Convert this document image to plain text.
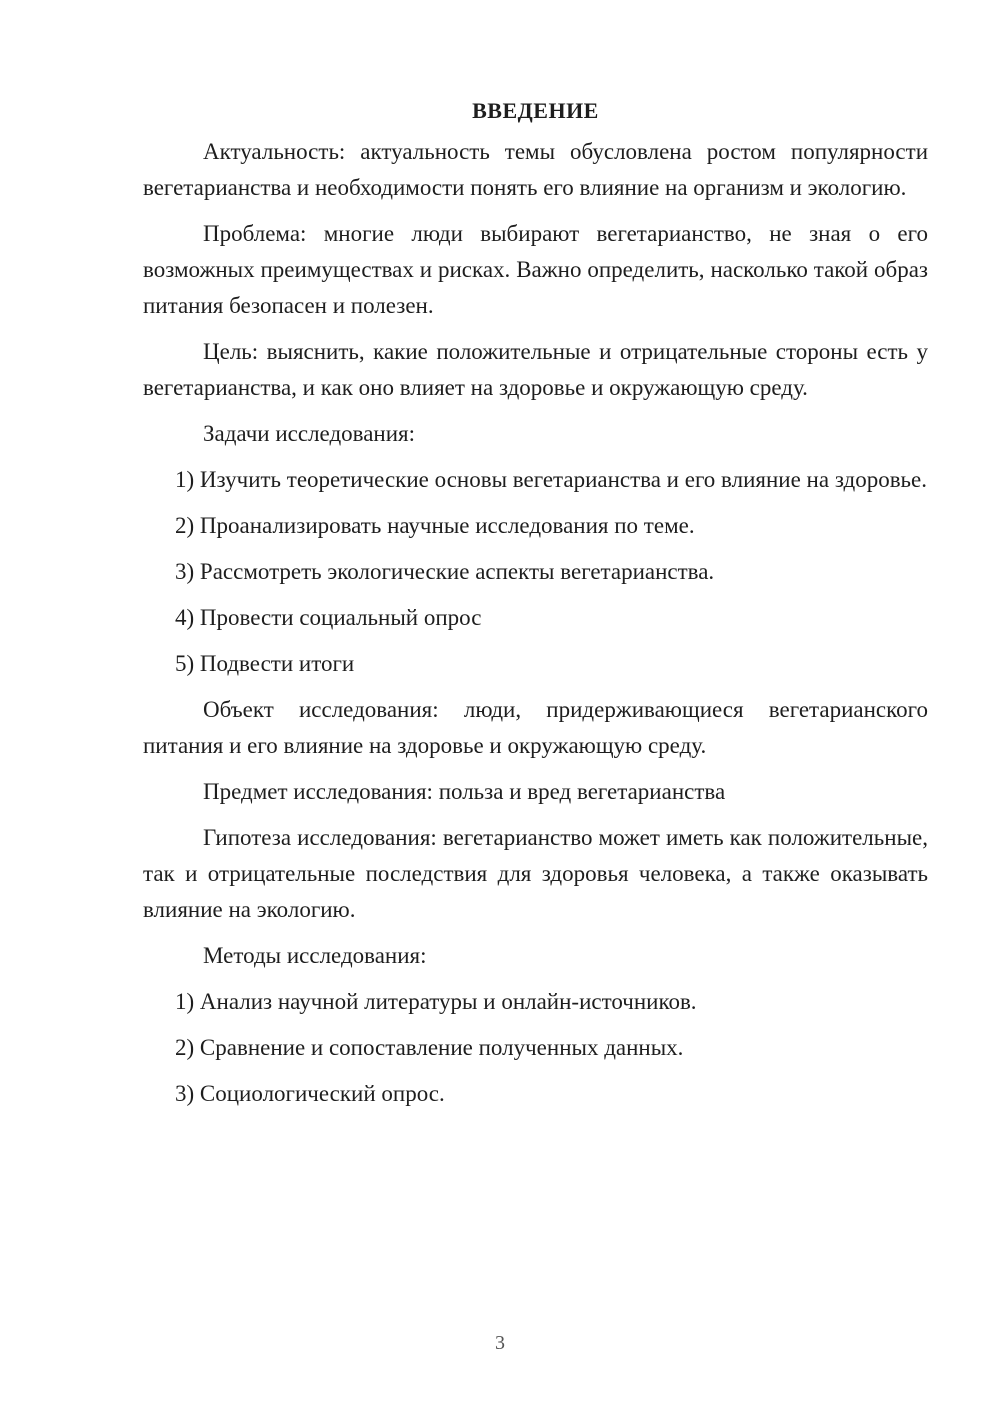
ВВЕДЕНИЕ

Актуальность: актуальность темы обусловлена ростом популярности вегетарианства и необходимости понять его влияние на организм и экологию.

Проблема: многие люди выбирают вегетарианство, не зная о его возможных преимуществах и рисках. Важно определить, насколько такой образ питания безопасен и полезен.

Цель: выяснить, какие положительные и отрицательные стороны есть у вегетарианства, и как оно влияет на здоровье и окружающую среду.

Задачи исследования:

1) Изучить теоретические основы вегетарианства и его влияние на здоровье.

2) Проанализировать научные исследования по теме.

3) Рассмотреть экологические аспекты вегетарианства.

4) Провести социальный опрос

5) Подвести итоги

Объект исследования: люди, придерживающиеся вегетарианского питания и его влияние на здоровье и окружающую среду.

Предмет исследования: польза и вред вегетарианства

Гипотеза исследования: вегетарианство может иметь как положительные, так и отрицательные последствия для здоровья человека, а также оказывать влияние на экологию.

Методы исследования:

1) Анализ научной литературы и онлайн-источников.

2) Сравнение и сопоставление полученных данных.

3) Социологический опрос.

3
